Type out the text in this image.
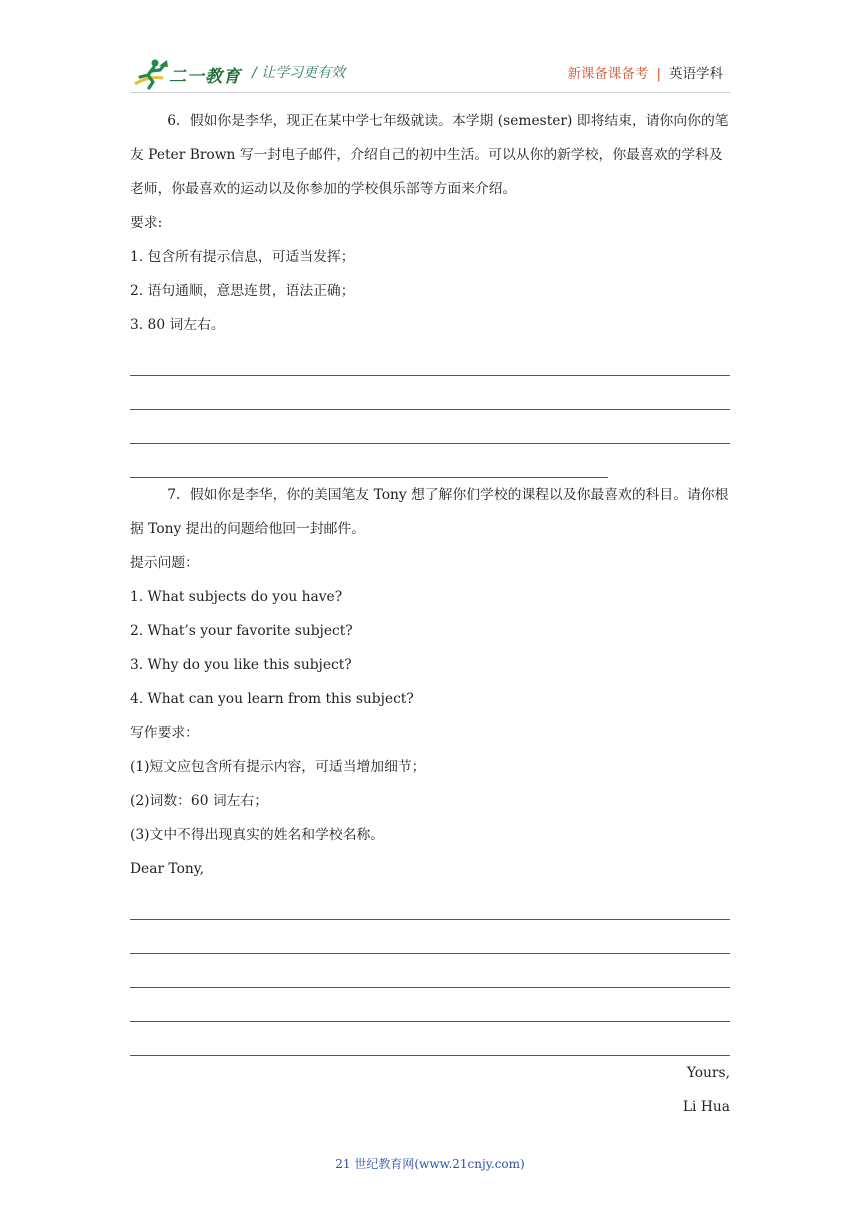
二一教育 / 让学习更有效	新课备课备考 | 英语学科

6．假如你是李华，现正在某中学七年级就读。本学期 (semester) 即将结束，请你向你的笔友 Peter Brown 写一封电子邮件，介绍自己的初中生活。可以从你的新学校，你最喜欢的学科及老师，你最喜欢的运动以及你参加的学校俱乐部等方面来介绍。

要求:

1. 包含所有提示信息，可适当发挥；

2. 语句通顺，意思连贯，语法正确；

3. 80 词左右。

7．假如你是李华，你的美国笔友 Tony 想了解你们学校的课程以及你最喜欢的科目。请你根据 Tony 提出的问题给他回一封邮件。

提示问题：

1. What subjects do you have?

2. What’s your favorite subject?

3. Why do you like this subject?

4. What can you learn from this subject?

写作要求：

(1)短文应包含所有提示内容，可适当增加细节；

(2)词数：60 词左右；

(3)文中不得出现真实的姓名和学校名称。

Dear Tony,

Yours,

Li Hua

21 世纪教育网(www.21cnjy.com)
